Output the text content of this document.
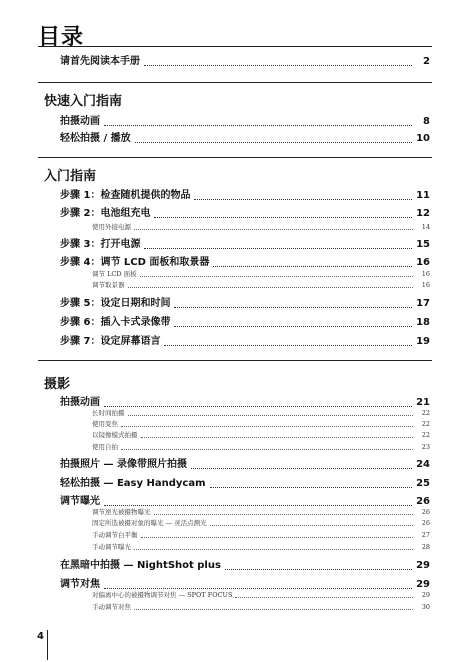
目录
请首先阅读本手册	2
快速入门指南
拍摄动画	8
轻松拍摄 / 播放	10
入门指南
步骤 1：检查随机提供的物品	11
步骤 2：电池组充电	12
使用外接电源	14
步骤 3：打开电源	15
步骤 4：调节 LCD 面板和取景器	16
调节 LCD 面板	16
调节取景器	16
步骤 5：设定日期和时间	17
步骤 6：插入卡式录像带	18
步骤 7：设定屏幕语言	19
摄影
拍摄动画	21
长时间拍摄	22
使用变焦	22
以镜像模式拍摄	22
使用自拍	23
拍摄照片 — 录像带照片拍摄	24
轻松拍摄 — Easy Handycam	25
调节曝光	26
调节逆光被摄物曝光	26
固定所选被摄对象的曝光 — 灵活点测光	26
手动调节白平衡	27
手动调节曝光	28
在黑暗中拍摄 — NightShot plus	29
调节对焦	29
对偏离中心的被摄物调节对焦 — SPOT FOCUS	29
手动调节对焦	30
4
